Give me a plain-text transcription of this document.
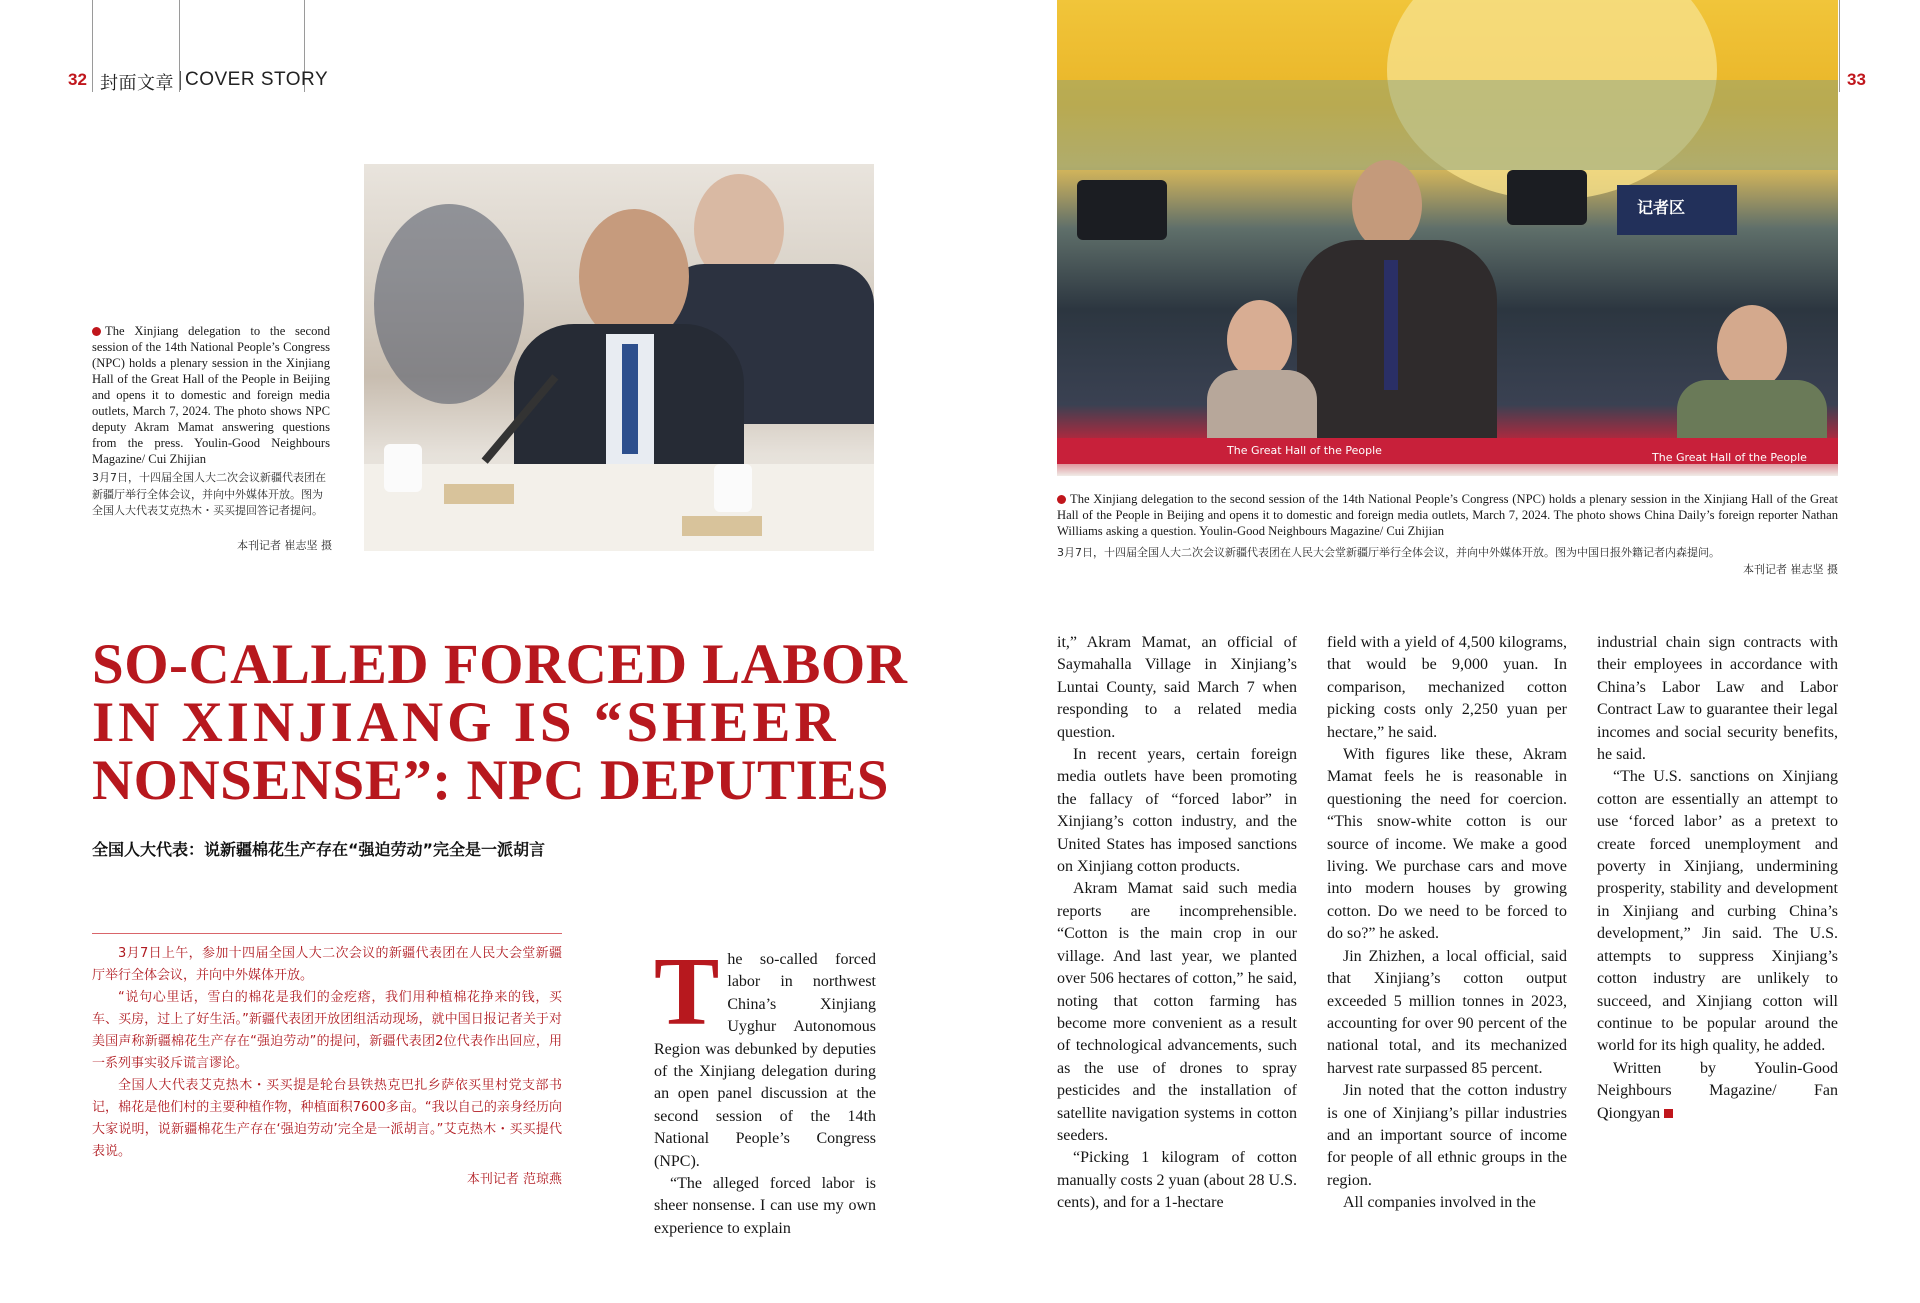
32 封面文章 COVER STORY	33
The Xinjiang delegation to the second session of the 14th National People’s Congress (NPC) holds a plenary session in the Xinjiang Hall of the Great Hall of the People in Beijing and opens it to domestic and foreign media outlets, March 7, 2024. The photo shows NPC deputy Akram Mamat answering questions from the press. Youlin-Good Neighbours Magazine/ Cui Zhijian
3月7日，十四届全国人大二次会议新疆代表团在新疆厅举行全体会议，并向中外媒体开放。图为全国人大代表艾克热木・买买提回答记者提问。
本刊记者 崔志坚 摄
记者区
The Great Hall of the People
The Great Hall of the People
The Xinjiang delegation to the second session of the 14th National People’s Congress (NPC) holds a plenary session in the Xinjiang Hall of the Great Hall of the People in Beijing and opens it to domestic and foreign media outlets, March 7, 2024. The photo shows China Daily’s foreign reporter Nathan Williams asking a question. Youlin-Good Neighbours Magazine/ Cui Zhijian
3月7日，十四届全国人大二次会议新疆代表团在人民大会堂新疆厅举行全体会议，并向中外媒体开放。图为中国日报外籍记者内森提问。
本刊记者 崔志坚 摄
SO-CALLED FORCED LABOR
IN XINJIANG IS “SHEER
NONSENSE”: NPC DEPUTIES
全国人大代表：说新疆棉花生产存在“强迫劳动”完全是一派胡言

3月7日上午，参加十四届全国人大二次会议的新疆代表团在人民大会堂新疆厅举行全体会议，并向中外媒体开放。

“说句心里话，雪白的棉花是我们的金疙瘩，我们用种植棉花挣来的钱，买车、买房，过上了好生活。”新疆代表团开放团组活动现场，就中国日报记者关于对美国声称新疆棉花生产存在“强迫劳动”的提问，新疆代表团2位代表作出回应，用一系列事实驳斥谎言谬论。

全国人大代表艾克热木・买买提是轮台县铁热克巴扎乡萨依买里村党支部书记，棉花是他们村的主要种植作物，种植面积7600多亩。“我以自己的亲身经历向大家说明，说新疆棉花生产存在‘强迫劳动’完全是一派胡言。”艾克热木・买买提代表说。

本刊记者 范琼燕
T he so-called forced labor in northwest China’s Xinjiang Uyghur Autonomous Region was debunked by deputies of the Xinjiang delegation during an open panel discussion at the second session of the 14th National People’s Congress (NPC).

“The alleged forced labor is sheer nonsense. I can use my own experience to explain

it,” Akram Mamat, an official of Saymahalla Village in Xinjiang’s Luntai County, said March 7 when responding to a related media question.

In recent years, certain foreign media outlets have been promoting the fallacy of “forced labor” in Xinjiang’s cotton industry, and the United States has imposed sanctions on Xinjiang cotton products.

Akram Mamat said such media reports are incomprehensible. “Cotton is the main crop in our village. And last year, we planted over 506 hectares of cotton,” he said, noting that cotton farming has become more convenient as a result of technological advancements, such as the use of drones to spray pesticides and the installation of satellite navigation systems in cotton seeders.

“Picking 1 kilogram of cotton manually costs 2 yuan (about 28 U.S. cents), and for a 1-hectare

field with a yield of 4,500 kilograms, that would be 9,000 yuan. In comparison, mechanized cotton picking costs only 2,250 yuan per hectare,” he said.

With figures like these, Akram Mamat feels he is reasonable in questioning the need for coercion. “This snow-white cotton is our source of income. We make a good living. We purchase cars and move into modern houses by growing cotton. Do we need to be forced to do so?” he asked.

Jin Zhizhen, a local official, said that Xinjiang’s cotton output exceeded 5 million tonnes in 2023, accounting for over 90 percent of the national total, and its mechanized harvest rate surpassed 85 percent.

Jin noted that the cotton industry is one of Xinjiang’s pillar industries and an important source of income for people of all ethnic groups in the region.

All companies involved in the

industrial chain sign contracts with their employees in accordance with China’s Labor Law and Labor Contract Law to guarantee their legal incomes and social security benefits, he said.

“The U.S. sanctions on Xinjiang cotton are essentially an attempt to use ‘forced labor’ as a pretext to create forced unemployment and poverty in Xinjiang, undermining prosperity, stability and development in Xinjiang and curbing China’s development,” Jin said. The U.S. attempts to suppress Xinjiang’s cotton industry are unlikely to succeed, and Xinjiang cotton will continue to be popular around the world for its high quality, he added.

Written by Youlin-Good Neighbours Magazine/ Fan Qiongyan
